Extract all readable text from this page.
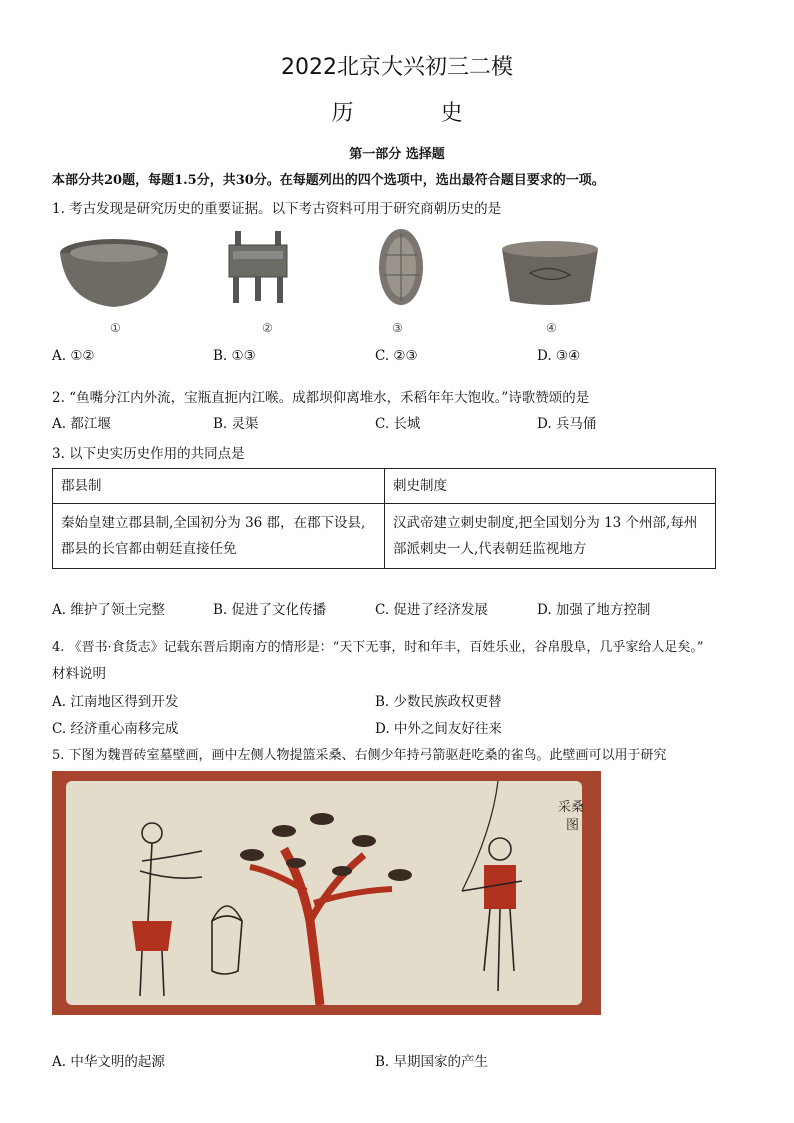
2022北京大兴初三二模
历 史
第一部分 选择题
本部分共20题，每题1.5分，共30分。在每题列出的四个选项中，选出最符合题目要求的一项。
1. 考古发现是研究历史的重要证据。以下考古资料可用于研究商朝历史的是
①	②	③	④
A. ①②	B. ①③	C. ②③	D. ③④
2. “鱼嘴分江内外流，宝瓶直扼内江喉。成都坝仰离堆水，禾稻年年大饱收。”诗歌赞颂的是
A. 都江堰	B. 灵渠	C. 长城	D. 兵马俑
3. 以下史实历史作用的共同点是
郡县制	刺史制度
秦始皇建立郡县制,全国初分为 36 郡，在郡下设县,
郡县的长官都由朝廷直接任免	汉武帝建立刺史制度,把全国划分为 13 个州部,每州
部派刺史一人,代表朝廷监视地方
A. 维护了领土完整	B. 促进了文化传播	C. 促进了经济发展	D. 加强了地方控制
4. 《晋书·食货志》记载东晋后期南方的情形是：“天下无事，时和年丰，百姓乐业，谷帛殷阜，几乎家给人足矣。”
材料说明
A. 江南地区得到开发	B. 少数民族政权更替
C. 经济重心南移完成	D. 中外之间友好往来
5. 下图为魏晋砖室墓壁画，画中左侧人物提篮采桑、右侧少年持弓箭驱赶吃桑的雀鸟。此壁画可以用于研究
采桑
图
A. 中华文明的起源	B. 早期国家的产生
